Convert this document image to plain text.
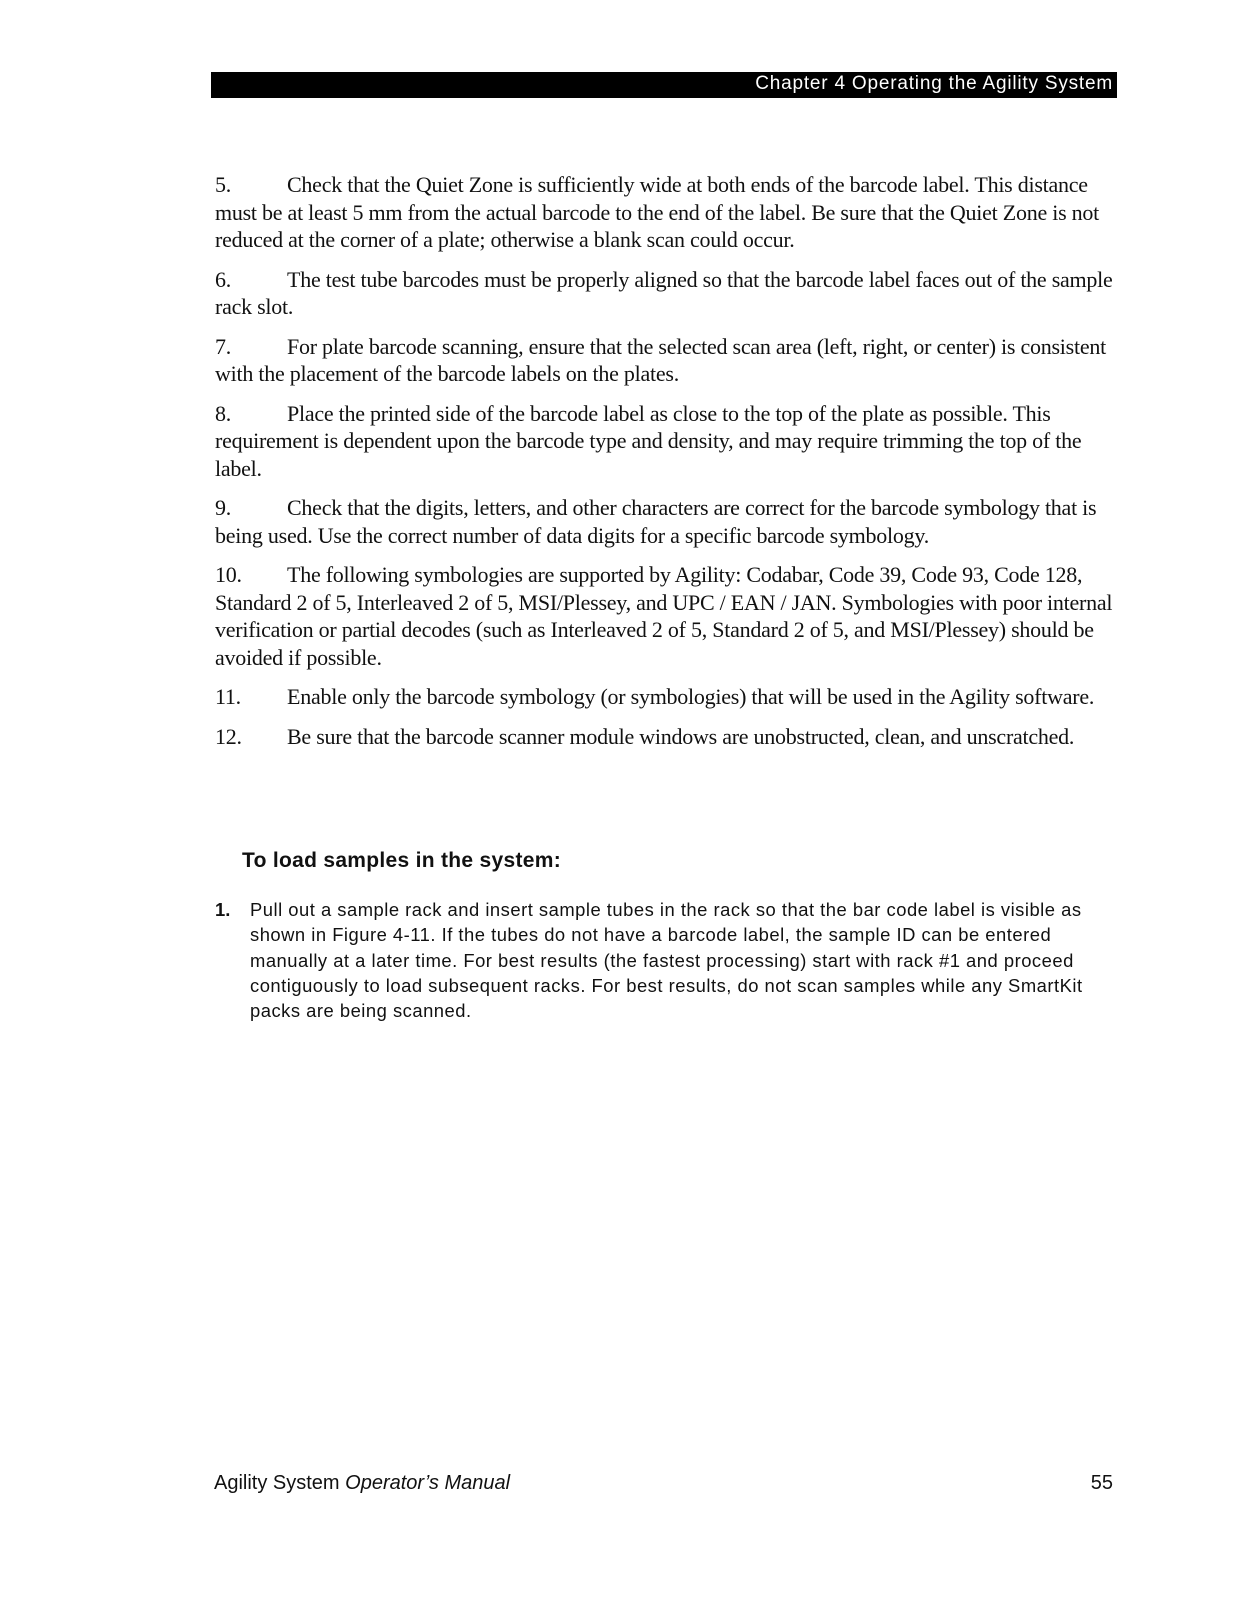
Chapter 4 Operating the Agility System
5.	Check that the Quiet Zone is sufficiently wide at both ends of the barcode label. This distance must be at least 5 mm from the actual barcode to the end of the label. Be sure that the Quiet Zone is not reduced at the corner of a plate; otherwise a blank scan could occur.
6.	The test tube barcodes must be properly aligned so that the barcode label faces out of the sample rack slot.
7.	For plate barcode scanning, ensure that the selected scan area (left, right, or center) is consistent with the placement of the barcode labels on the plates.
8.	Place the printed side of the barcode label as close to the top of the plate as possible. This requirement is dependent upon the barcode type and density, and may require trimming the top of the label.
9.	Check that the digits, letters, and other characters are correct for the barcode symbology that is being used. Use the correct number of data digits for a specific barcode symbology.
10. The following symbologies are supported by Agility: Codabar, Code 39, Code 93, Code 128, Standard 2 of 5, Interleaved 2 of 5, MSI/Plessey, and UPC / EAN / JAN. Symbologies with poor internal verification or partial decodes (such as Interleaved 2 of 5, Standard 2 of 5, and MSI/Plessey) should be avoided if possible.
11. Enable only the barcode symbology (or symbologies) that will be used in the Agility software.
12. Be sure that the barcode scanner module windows are unobstructed, clean, and unscratched.
To load samples in the system:
1. Pull out a sample rack and insert sample tubes in the rack so that the bar code label is visible as shown in Figure 4-11. If the tubes do not have a barcode label, the sample ID can be entered manually at a later time. For best results (the fastest processing) start with rack #1 and proceed contiguously to load subsequent racks. For best results, do not scan samples while any SmartKit packs are being scanned.
Agility System Operator’s Manual	55
